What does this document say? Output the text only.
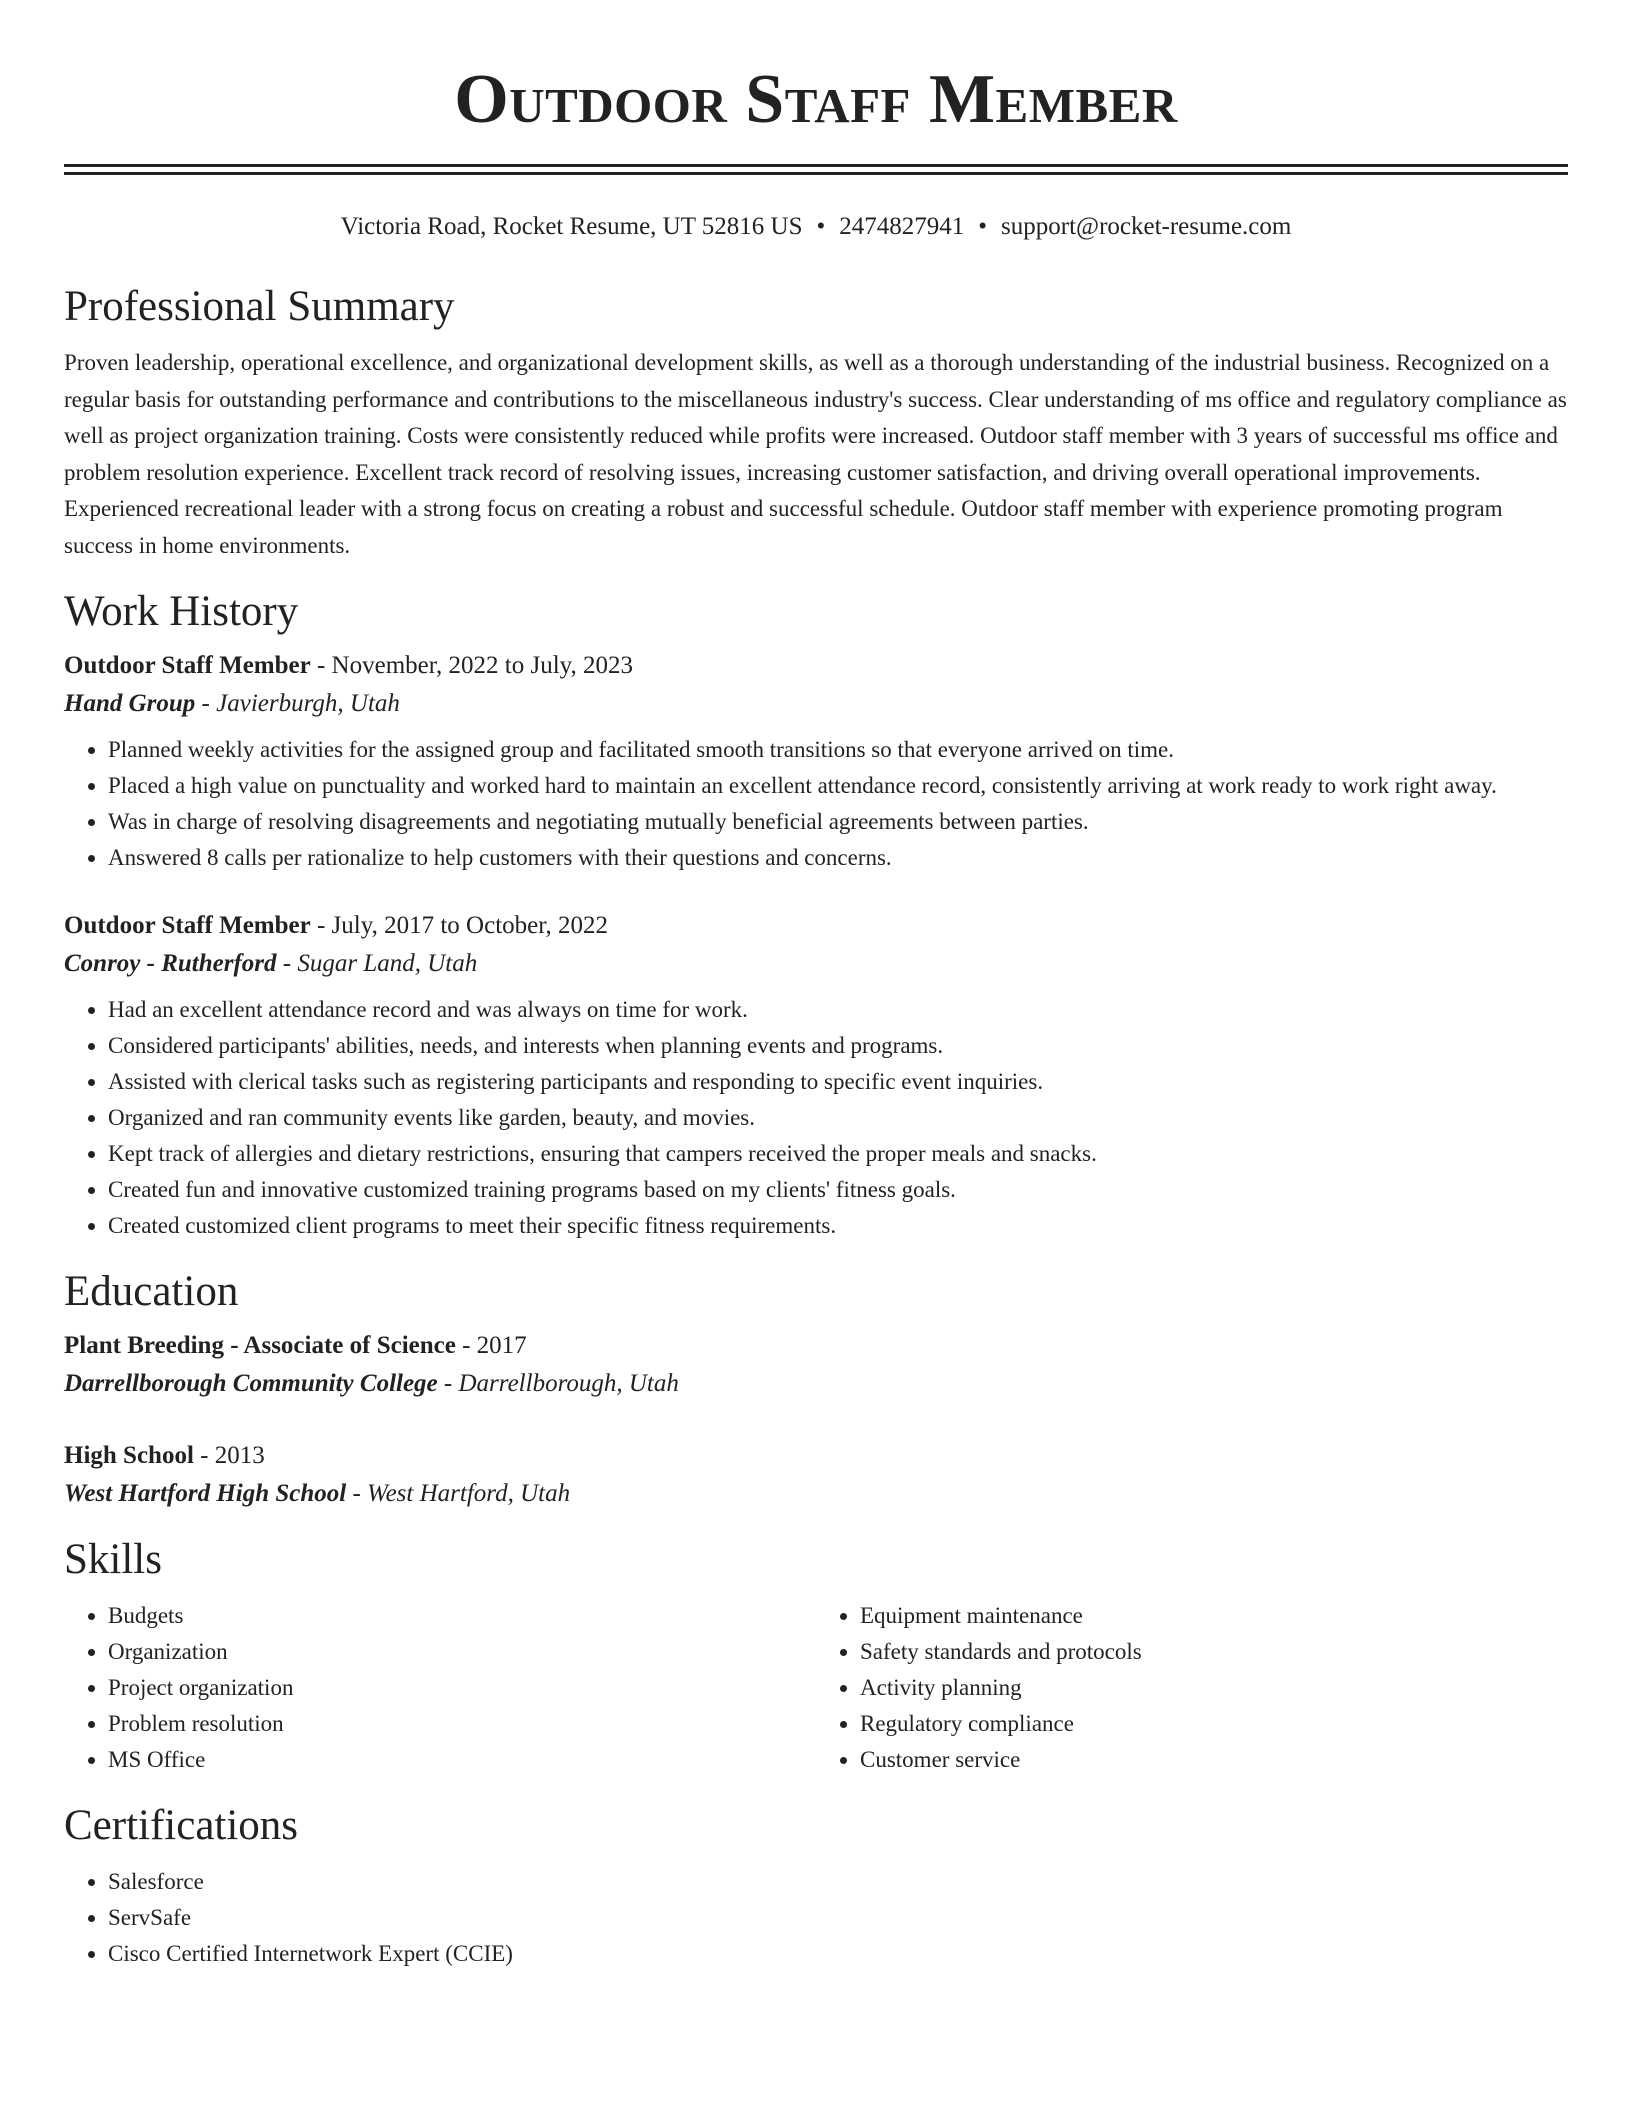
Outdoor Staff Member
Victoria Road, Rocket Resume, UT 52816 US • 2474827941 • support@rocket-resume.com
Professional Summary

Proven leadership, operational excellence, and organizational development skills, as well as a thorough understanding of the industrial business. Recognized on a regular basis for outstanding performance and contributions to the miscellaneous industry's success. Clear understanding of ms office and regulatory compliance as well as project organization training. Costs were consistently reduced while profits were increased. Outdoor staff member with 3 years of successful ms office and problem resolution experience. Excellent track record of resolving issues, increasing customer satisfaction, and driving overall operational improvements. Experienced recreational leader with a strong focus on creating a robust and successful schedule. Outdoor staff member with experience promoting program success in home environments.

Work History
Outdoor Staff Member - November, 2022 to July, 2023
Hand Group - Javierburgh, Utah
• Planned weekly activities for the assigned group and facilitated smooth transitions so that everyone arrived on time.
• Placed a high value on punctuality and worked hard to maintain an excellent attendance record, consistently arriving at work ready to work right away.
• Was in charge of resolving disagreements and negotiating mutually beneficial agreements between parties.
• Answered 8 calls per rationalize to help customers with their questions and concerns.
Outdoor Staff Member - July, 2017 to October, 2022
Conroy - Rutherford - Sugar Land, Utah
• Had an excellent attendance record and was always on time for work.
• Considered participants' abilities, needs, and interests when planning events and programs.
• Assisted with clerical tasks such as registering participants and responding to specific event inquiries.
• Organized and ran community events like garden, beauty, and movies.
• Kept track of allergies and dietary restrictions, ensuring that campers received the proper meals and snacks.
• Created fun and innovative customized training programs based on my clients' fitness goals.
• Created customized client programs to meet their specific fitness requirements.
Education
Plant Breeding - Associate of Science - 2017
Darrellborough Community College - Darrellborough, Utah
High School - 2013
West Hartford High School - West Hartford, Utah
Skills
• Budgets
• Organization
• Project organization
• Problem resolution
• MS Office
• Equipment maintenance
• Safety standards and protocols
• Activity planning
• Regulatory compliance
• Customer service
Certifications
• Salesforce
• ServSafe
• Cisco Certified Internetwork Expert (CCIE)
